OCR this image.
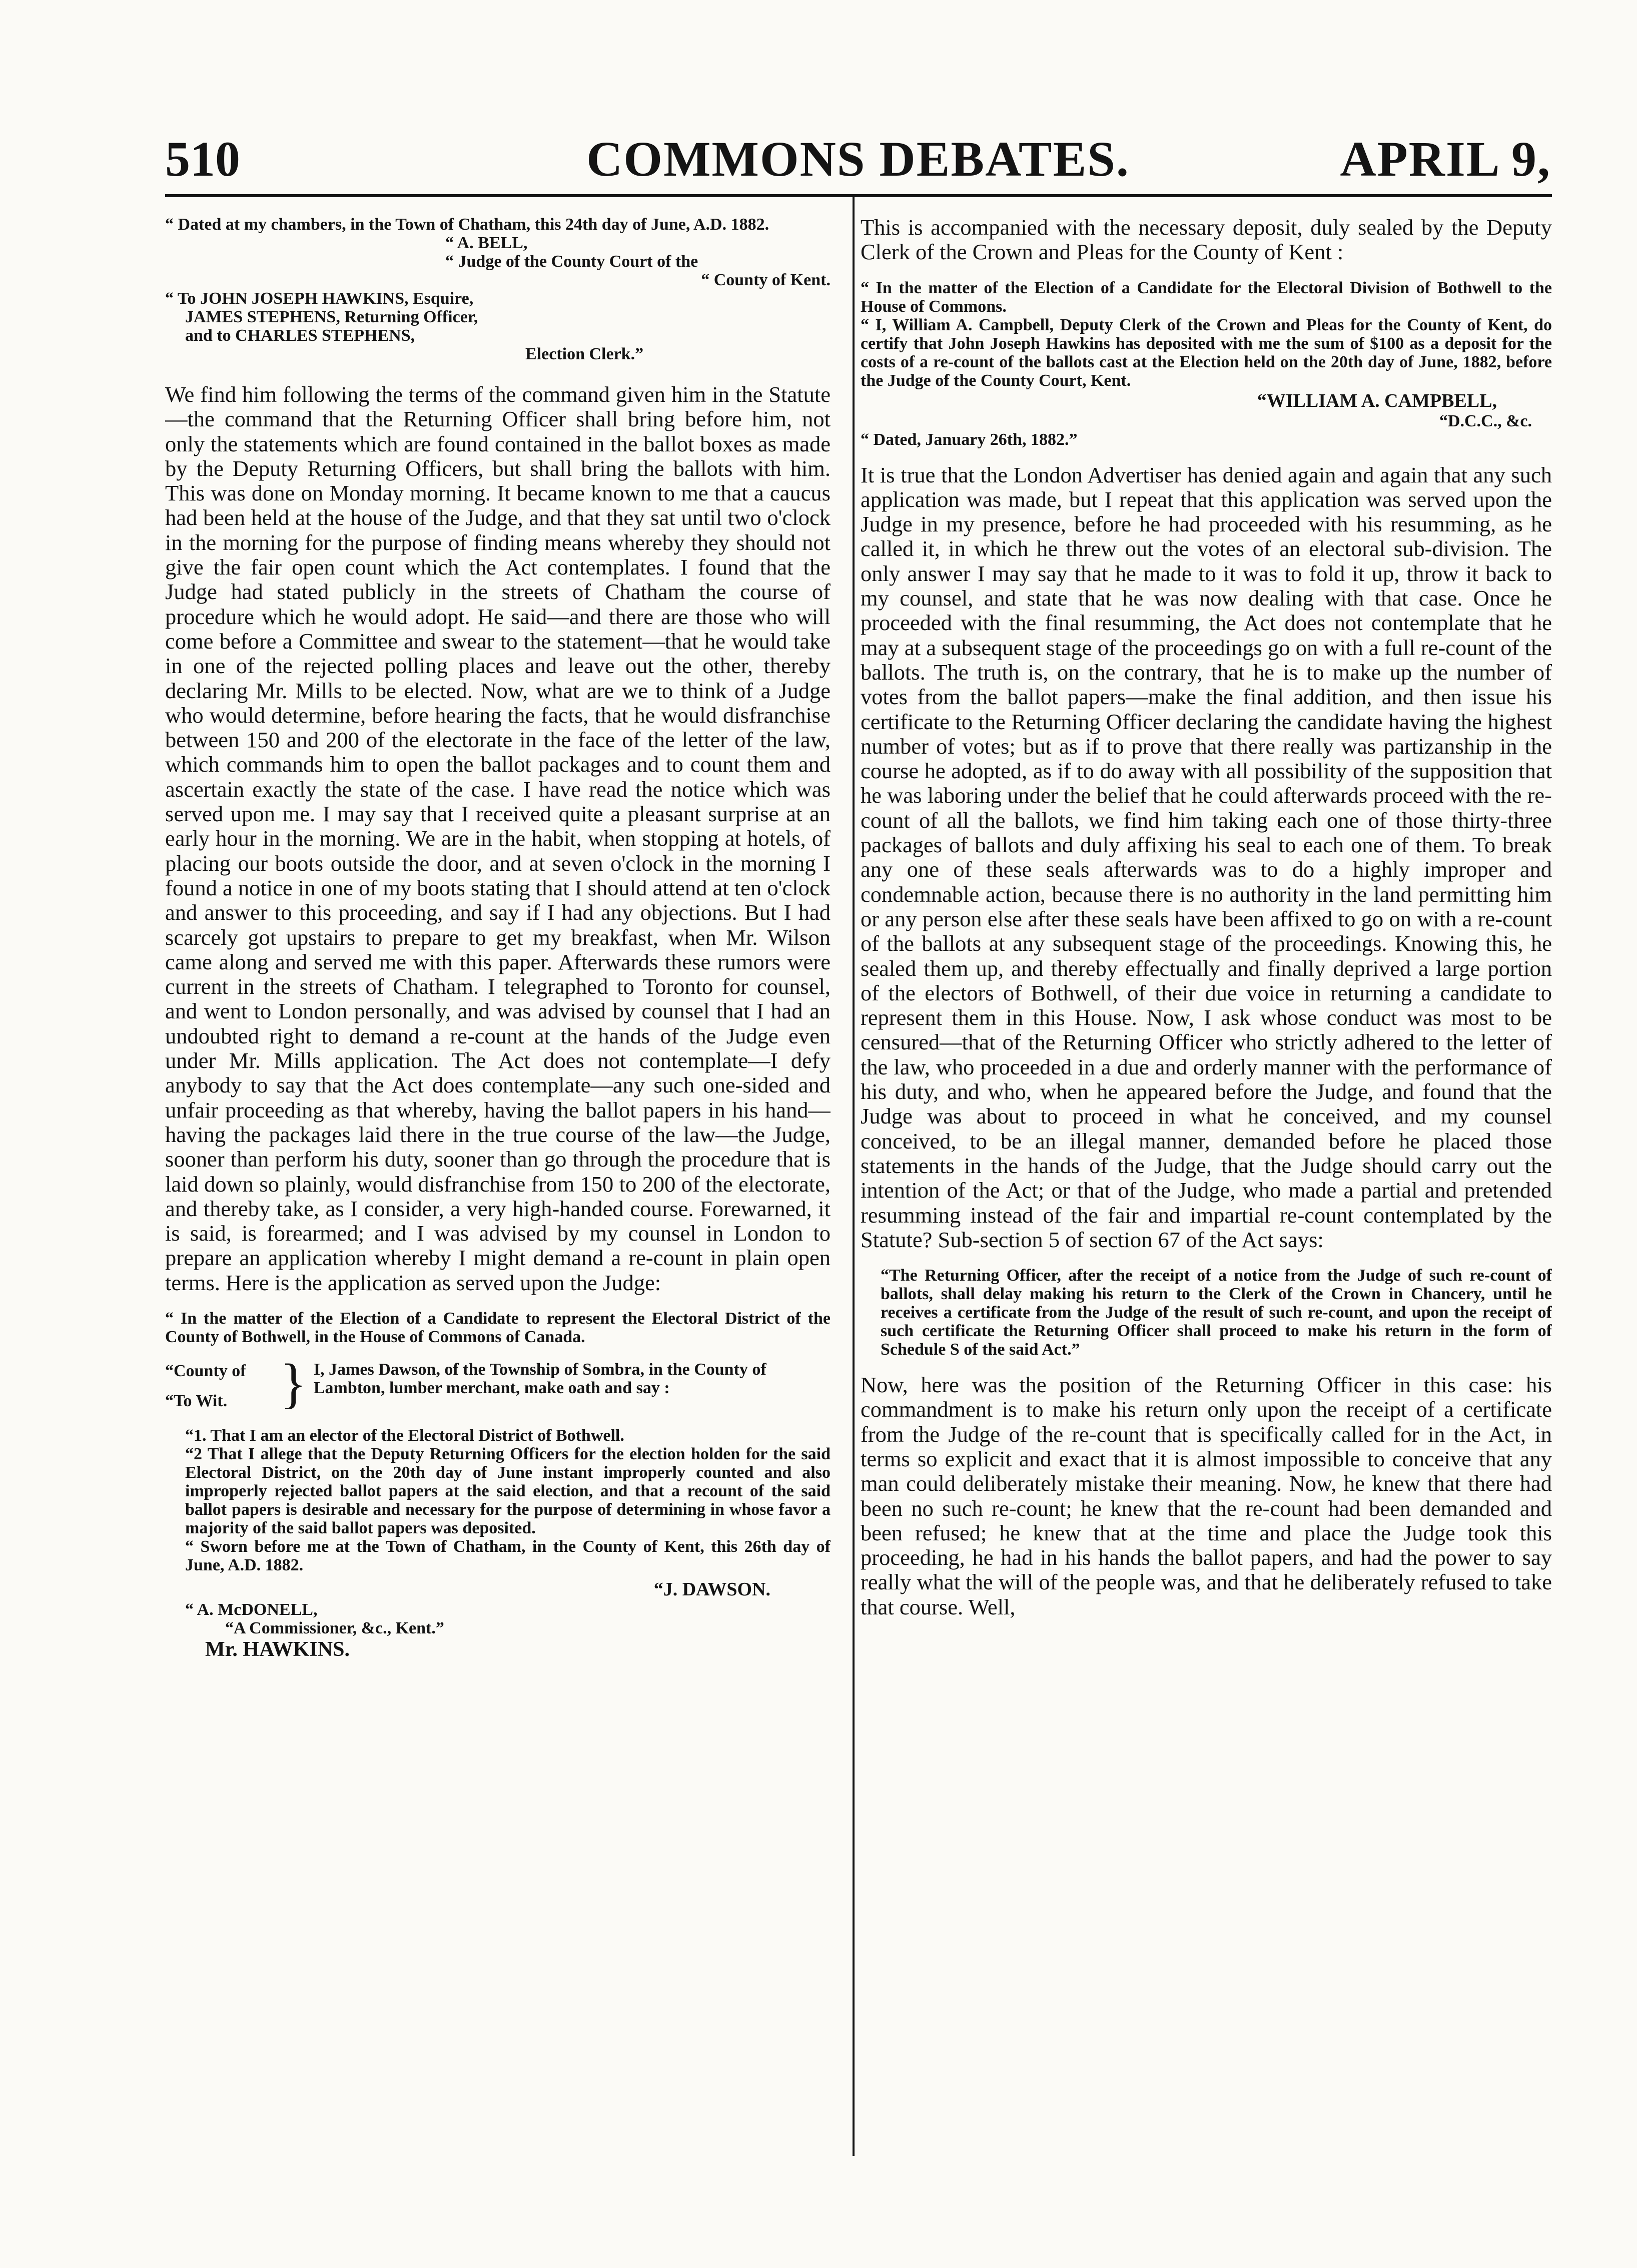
510	COMMONS DEBATES.	APRIL 9,

“ Dated at my chambers, in the Town of Chatham, this 24th day of June, A.D. 1882.

“ A. BELL,

“ Judge of the County Court of the

“ County of Kent.

“ To JOHN JOSEPH HAWKINS, Esquire,

JAMES STEPHENS, Returning Officer,

and to CHARLES STEPHENS,

Election Clerk.”

We find him following the terms of the command given him in the Statute—the command that the Returning Officer shall bring before him, not only the statements which are found contained in the ballot boxes as made by the Deputy Returning Officers, but shall bring the ballots with him. This was done on Monday morning. It became known to me that a caucus had been held at the house of the Judge, and that they sat until two o'clock in the morning for the purpose of finding means whereby they should not give the fair open count which the Act contemplates. I found that the Judge had stated publicly in the streets of Chatham the course of procedure which he would adopt. He said—and there are those who will come before a Committee and swear to the statement—that he would take in one of the rejected polling places and leave out the other, thereby declaring Mr. Mills to be elected. Now, what are we to think of a Judge who would determine, before hearing the facts, that he would disfranchise between 150 and 200 of the electorate in the face of the letter of the law, which commands him to open the ballot packages and to count them and ascertain exactly the state of the case. I have read the notice which was served upon me. I may say that I received quite a pleasant surprise at an early hour in the morning. We are in the habit, when stopping at hotels, of placing our boots outside the door, and at seven o'clock in the morning I found a notice in one of my boots stating that I should attend at ten o'clock and answer to this proceeding, and say if I had any objections. But I had scarcely got upstairs to prepare to get my breakfast, when Mr. Wilson came along and served me with this paper. Afterwards these rumors were current in the streets of Chatham. I telegraphed to Toronto for counsel, and went to London personally, and was advised by counsel that I had an undoubted right to demand a re-count at the hands of the Judge even under Mr. Mills application. The Act does not contemplate—I defy anybody to say that the Act does contemplate—any such one-sided and unfair proceeding as that whereby, having the ballot papers in his hand—having the packages laid there in the true course of the law—the Judge, sooner than perform his duty, sooner than go through the procedure that is laid down so plainly, would disfranchise from 150 to 200 of the electorate, and thereby take, as I consider, a very high-handed course. Forewarned, it is said, is forearmed; and I was advised by my counsel in London to prepare an application whereby I might demand a re-count in plain open terms. Here is the application as served upon the Judge:

“ In the matter of the Election of a Candidate to represent the Electoral District of the County of Bothwell, in the House of Commons of Canada.

“County of
“To Wit. } I, James Dawson, of the Township of Sombra, in the County of Lambton, lumber merchant, make oath and say :

“1. That I am an elector of the Electoral District of Bothwell.

“2 That I allege that the Deputy Returning Officers for the election holden for the said Electoral District, on the 20th day of June instant improperly counted and also improperly rejected ballot papers at the said election, and that a recount of the said ballot papers is desirable and necessary for the purpose of determining in whose favor a majority of the said ballot papers was deposited.

“ Sworn before me at the Town of Chatham, in the County of Kent, this 26th day of June, A.D. 1882.

“J. DAWSON.

“ A. McDONELL,

“A Commissioner, &c., Kent.”

Mr. HAWKINS.

This is accompanied with the necessary deposit, duly sealed by the Deputy Clerk of the Crown and Pleas for the County of Kent :

“ In the matter of the Election of a Candidate for the Electoral Division of Bothwell to the House of Commons.

“ I, William A. Campbell, Deputy Clerk of the Crown and Pleas for the County of Kent, do certify that John Joseph Hawkins has deposited with me the sum of $100 as a deposit for the costs of a re-count of the ballots cast at the Election held on the 20th day of June, 1882, before the Judge of the County Court, Kent.

“WILLIAM A. CAMPBELL,

“D.C.C., &c.

“ Dated, January 26th, 1882.”

It is true that the London Advertiser has denied again and again that any such application was made, but I repeat that this application was served upon the Judge in my presence, before he had proceeded with his resumming, as he called it, in which he threw out the votes of an electoral sub-division. The only answer I may say that he made to it was to fold it up, throw it back to my counsel, and state that he was now dealing with that case. Once he proceeded with the final resumming, the Act does not contemplate that he may at a subsequent stage of the proceedings go on with a full re-count of the ballots. The truth is, on the contrary, that he is to make up the number of votes from the ballot papers—make the final addition, and then issue his certificate to the Returning Officer declaring the candidate having the highest number of votes; but as if to prove that there really was partizanship in the course he adopted, as if to do away with all possibility of the supposition that he was laboring under the belief that he could afterwards proceed with the re-count of all the ballots, we find him taking each one of those thirty-three packages of ballots and duly affixing his seal to each one of them. To break any one of these seals afterwards was to do a highly improper and condemnable action, because there is no authority in the land permitting him or any person else after these seals have been affixed to go on with a re-count of the ballots at any subsequent stage of the proceedings. Knowing this, he sealed them up, and thereby effectually and finally deprived a large portion of the electors of Bothwell, of their due voice in returning a candidate to represent them in this House. Now, I ask whose conduct was most to be censured—that of the Returning Officer who strictly adhered to the letter of the law, who proceeded in a due and orderly manner with the performance of his duty, and who, when he appeared before the Judge, and found that the Judge was about to proceed in what he conceived, and my counsel conceived, to be an illegal manner, demanded before he placed those statements in the hands of the Judge, that the Judge should carry out the intention of the Act; or that of the Judge, who made a partial and pretended resumming instead of the fair and impartial re-count contemplated by the Statute? Sub-section 5 of section 67 of the Act says:

“The Returning Officer, after the receipt of a notice from the Judge of such re-count of ballots, shall delay making his return to the Clerk of the Crown in Chancery, until he receives a certificate from the Judge of the result of such re-count, and upon the receipt of such certificate the Returning Officer shall proceed to make his return in the form of Schedule S of the said Act.”

Now, here was the position of the Returning Officer in this case: his commandment is to make his return only upon the receipt of a certificate from the Judge of the re-count that is specifically called for in the Act, in terms so explicit and exact that it is almost impossible to conceive that any man could deliberately mistake their meaning. Now, he knew that there had been no such re-count; he knew that the re-count had been demanded and been refused; he knew that at the time and place the Judge took this proceeding, he had in his hands the ballot papers, and had the power to say really what the will of the people was, and that he deliberately refused to take that course. Well,
